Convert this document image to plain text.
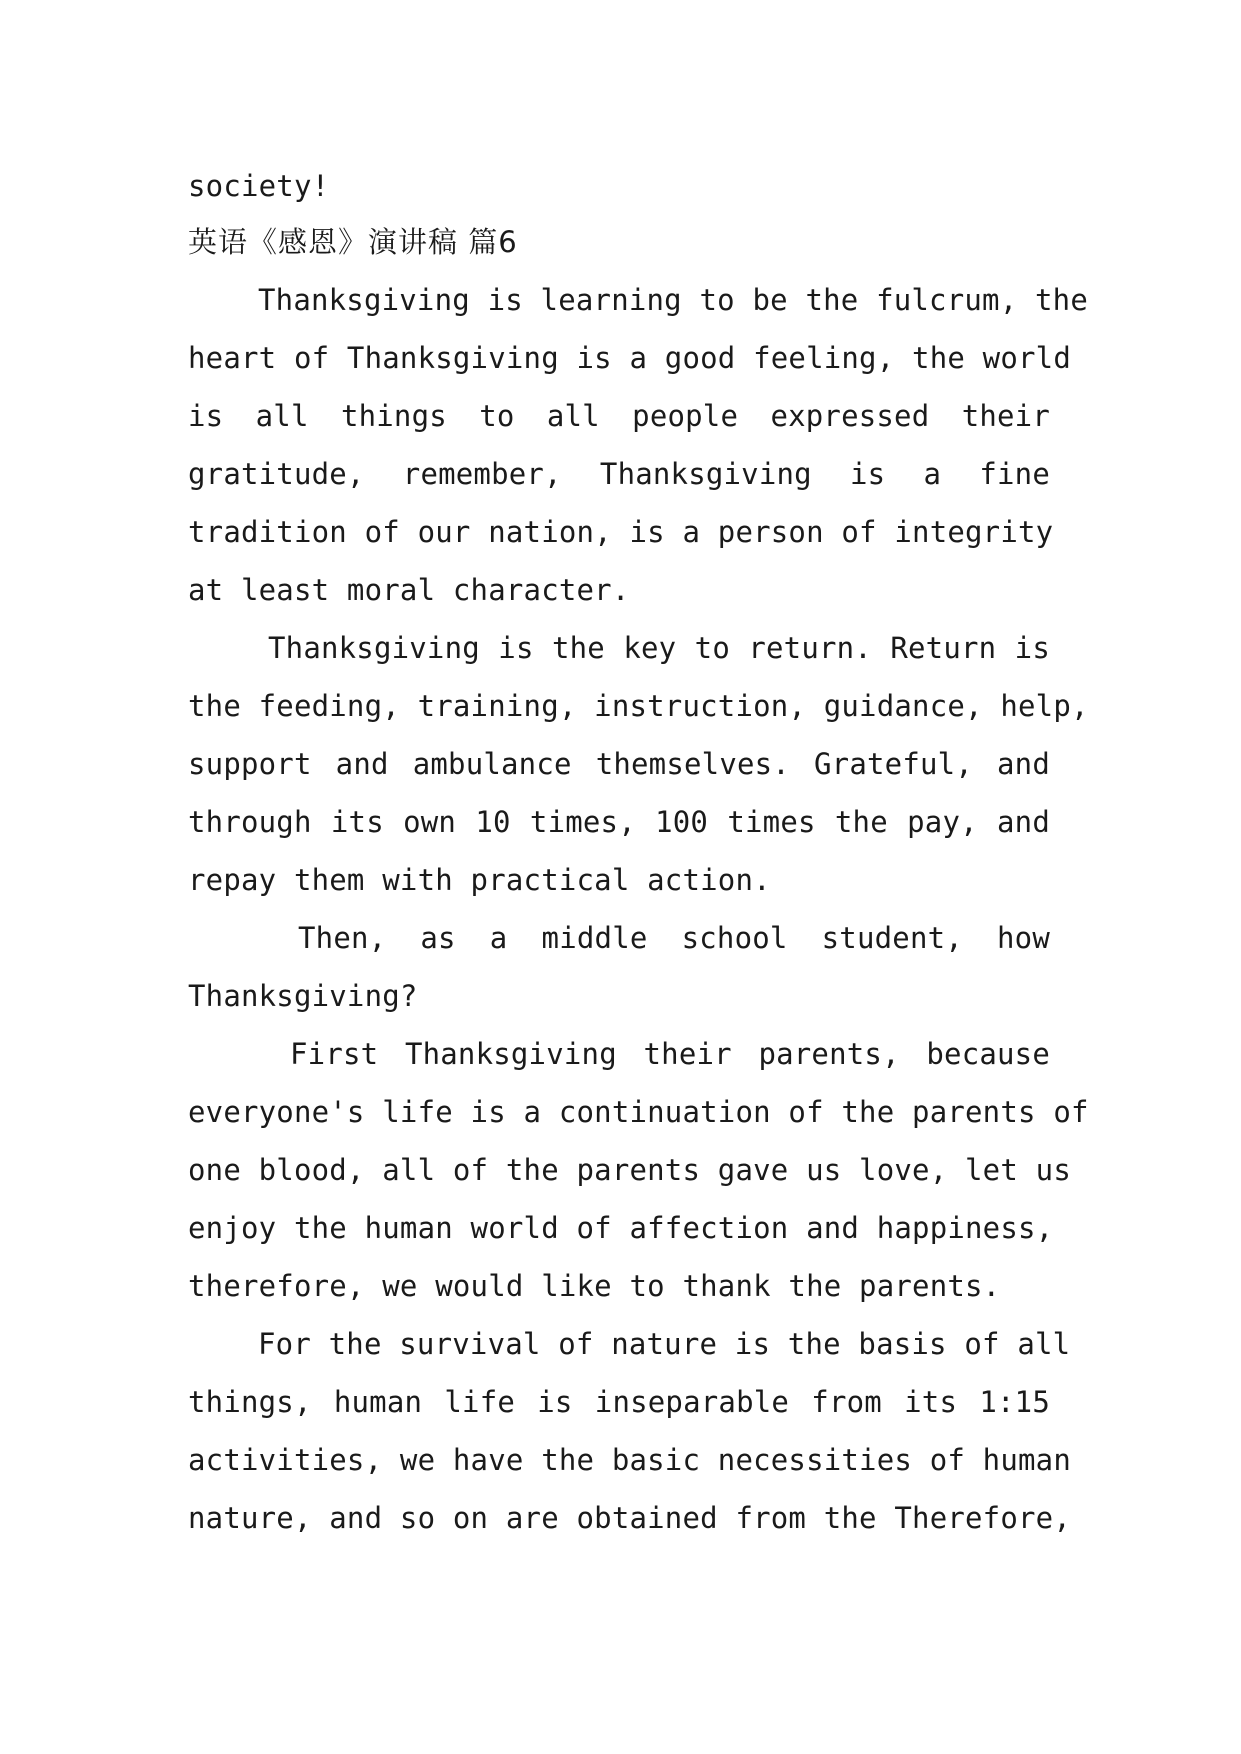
society!
英语《感恩》演讲稿 篇6
Thanksgiving is learning to be the fulcrum, the
heart of Thanksgiving is a good feeling, the world
is all things to all people expressed their
gratitude, remember, Thanksgiving is a fine
tradition of our nation, is a person of integrity
at least moral character.
Thanksgiving is the key to return. Return is
the feeding, training, instruction, guidance, help,
support and ambulance themselves. Grateful, and
through its own 10 times, 100 times the pay, and
repay them with practical action.
Then, as a middle school student, how
Thanksgiving?
First Thanksgiving their parents, because
everyone's life is a continuation of the parents of
one blood, all of the parents gave us love, let us
enjoy the human world of affection and happiness,
therefore, we would like to thank the parents.
For the survival of nature is the basis of all
things, human life is inseparable from its 1:15
activities, we have the basic necessities of human
nature, and so on are obtained from the Therefore,
